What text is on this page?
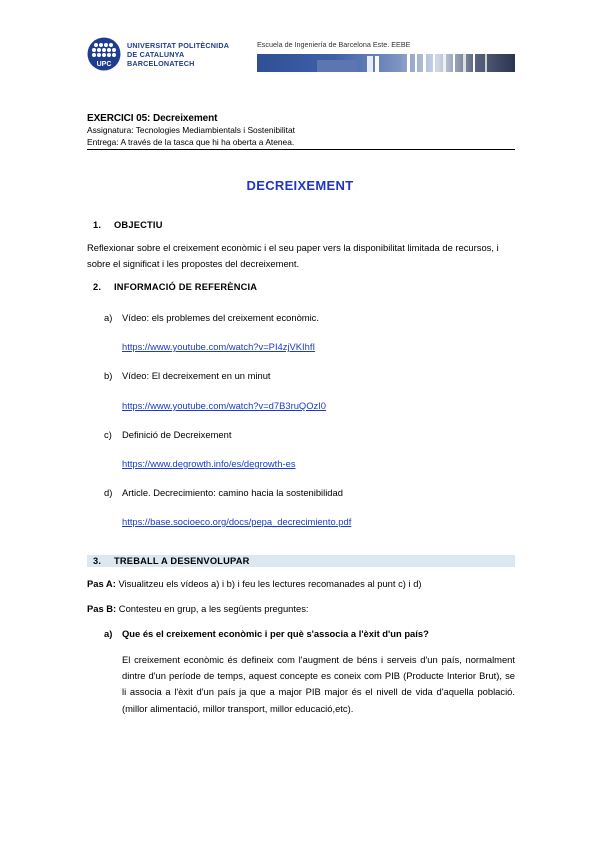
UPC
UNIVERSITAT POLITÈCNIDA
DE CATALUNYA
BARCELONATECH
Escuela de Ingeniería de Barcelona Este. EEBE
EXERCICI 05: Decreixement
Assignatura: Tecnologies Mediambientals i Sostenibilitat
Entrega: A través de la tasca que hi ha oberta a Atenea.
DECREIXEMENT
1. OBJECTIU
Reflexionar sobre el creixement econòmic i el seu paper vers la disponibilitat limitada de recursos, i sobre el significat i les propostes del decreixement.
2. INFORMACIÓ DE REFERÈNCIA
a) Vídeo: els problemes del creixement econòmic.
https://www.youtube.com/watch?v=PI4zjVKIhfI
b) Vídeo: El decreixement en un minut
https://www.youtube.com/watch?v=d7B3ruQOzI0
c) Definició de Decreixement
https://www.degrowth.info/es/degrowth-es
d) Article. Decrecimiento: camino hacia la sostenibilidad
https://base.socioeco.org/docs/pepa_decrecimiento.pdf
3. TREBALL A DESENVOLUPAR
Pas A: Visualitzeu els vídeos a) i b) i feu les lectures recomanades al punt c) i d)
Pas B: Contesteu en grup, a les següents preguntes:
a) Que és el creixement econòmic i per què s'associa a l'èxit d'un país?
El creixement econòmic és defineix com l'augment de béns i serveis d'un país, normalment dintre d'un període de temps, aquest concepte es coneix com PIB (Producte Interior Brut), se li associa a l'èxit d'un país ja que a major PIB major és el nivell de vida d'aquella població. (millor alimentació, millor transport, millor educació,etc).
